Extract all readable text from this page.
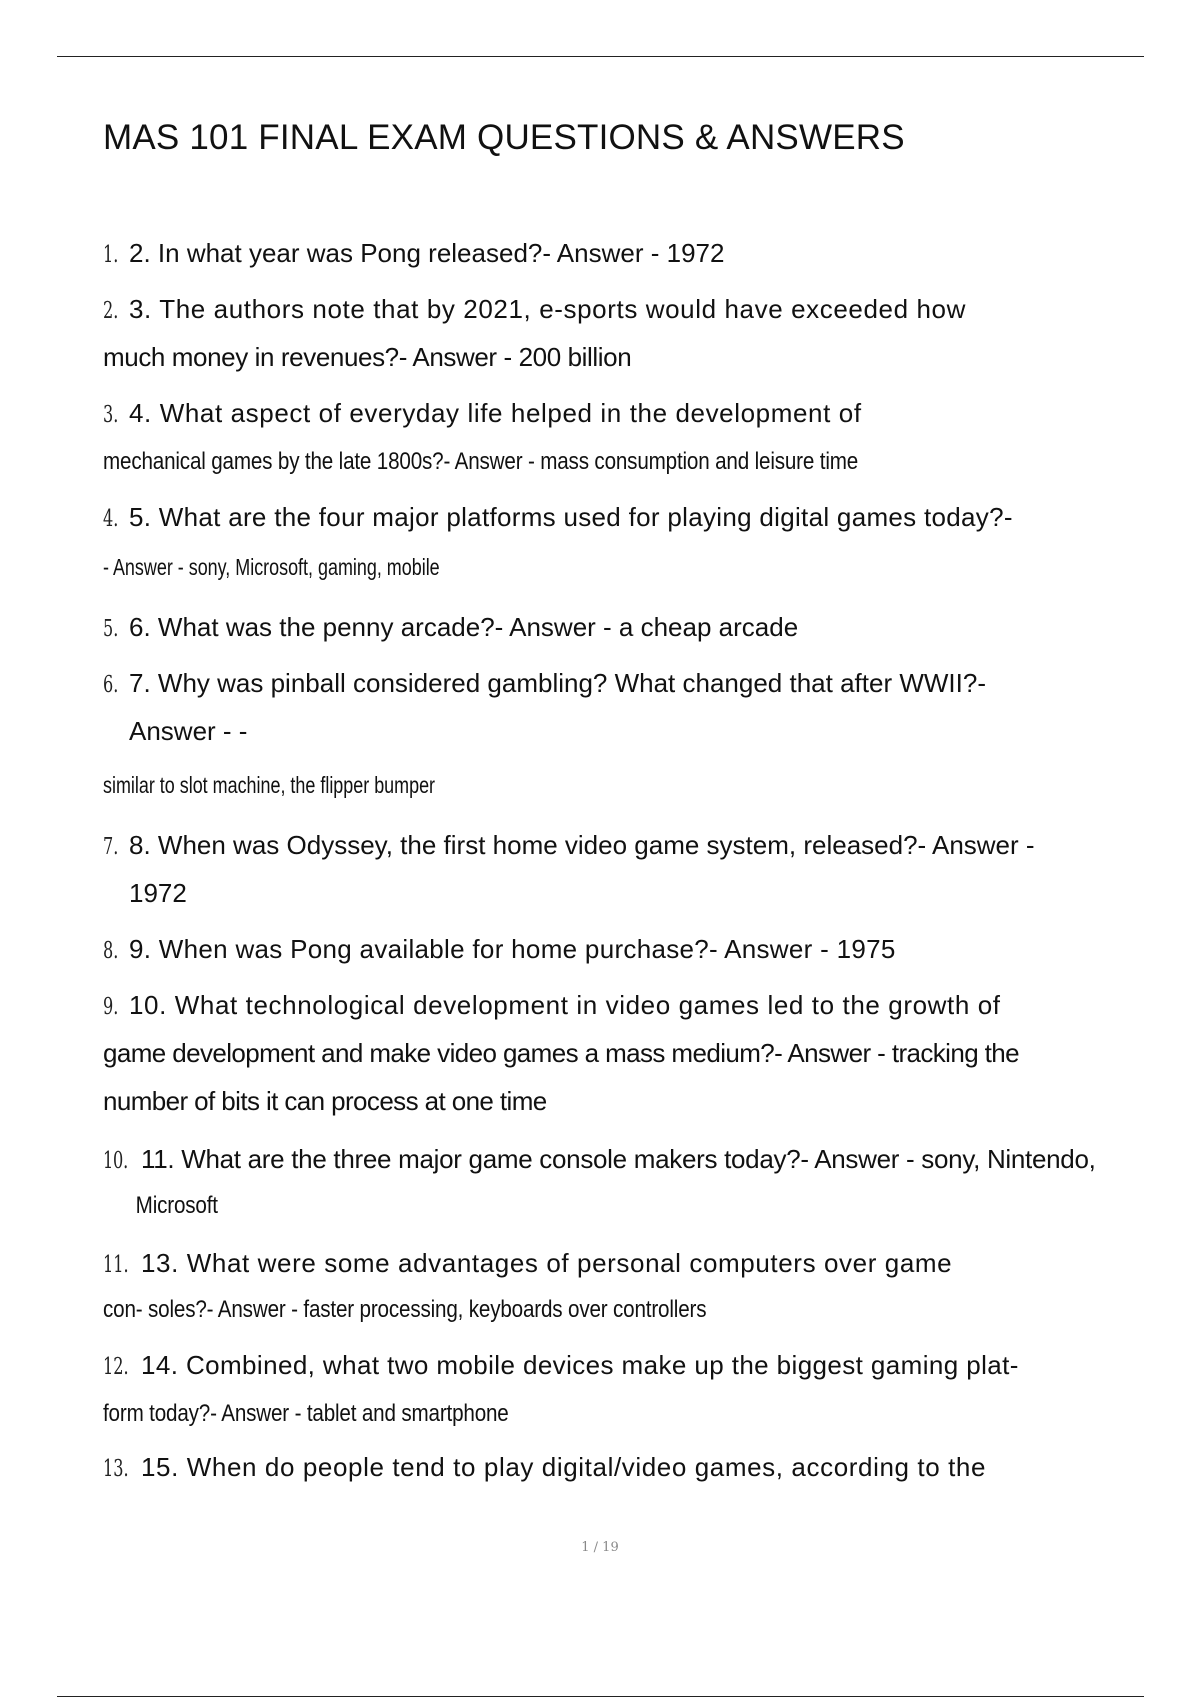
MAS 101 FINAL EXAM QUESTIONS & ANSWERS
1. 2. In what year was Pong released?- Answer - 1972
2. 3. The authors note that by 2021, e-sports would have exceeded how
much money in revenues?- Answer - 200 billion
3. 4. What aspect of everyday life helped in the development of
mechanical games by the late 1800s?- Answer - mass consumption and leisure time
4. 5. What are the four major platforms used for playing digital games today?-
- Answer - sony, Microsoft, gaming, mobile
5. 6. What was the penny arcade?- Answer - a cheap arcade
6. 7. Why was pinball considered gambling? What changed that after WWII?-
Answer - -
similar to slot machine, the flipper bumper
7. 8. When was Odyssey, the first home video game system, released?- Answer -
1972
8. 9. When was Pong available for home purchase?- Answer - 1975
9. 10. What technological development in video games led to the growth of
game development and make video games a mass medium?- Answer - tracking the
number of bits it can process at one time
10. 11. What are the three major game console makers today?- Answer - sony, Nintendo,
Microsoft
11. 13. What were some advantages of personal computers over game
con- soles?- Answer - faster processing, keyboards over controllers
12. 14. Combined, what two mobile devices make up the biggest gaming plat-
form today?- Answer - tablet and smartphone
13. 15. When do people tend to play digital/video games, according to the
1 / 19
